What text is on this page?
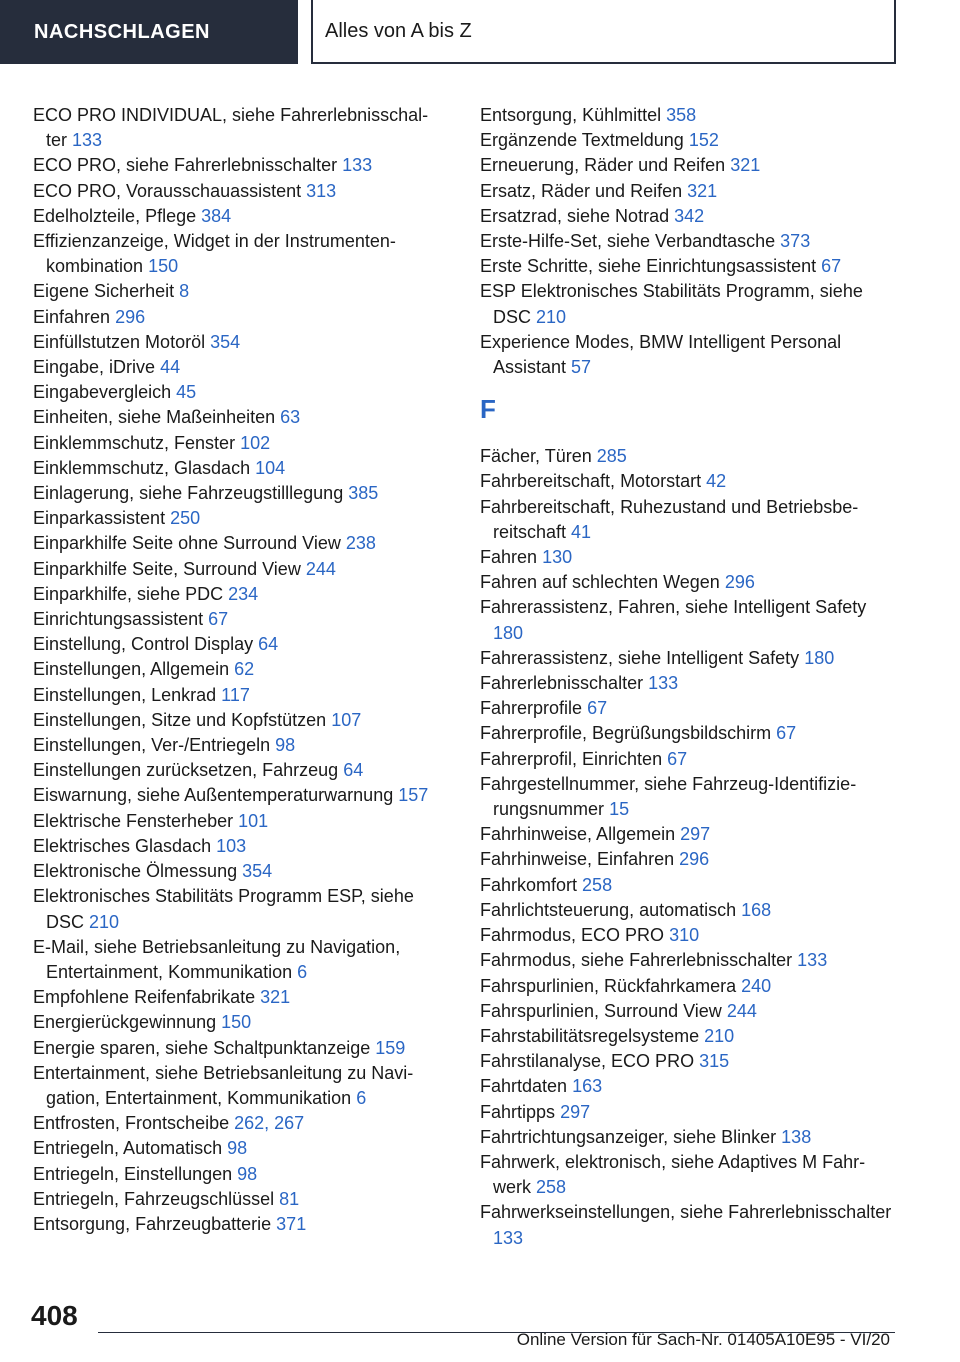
NACHSCHLAGEN	Alles von A bis Z

ECO PRO INDIVIDUAL, siehe Fahrerlebnisschalter 133

ECO PRO, siehe Fahrerlebnisschalter 133

ECO PRO, Vorausschauassistent 313

Edelholzteile, Pflege 384

Effizienzanzeige, Widget in der Instrumentenkombination 150

Eigene Sicherheit 8

Einfahren 296

Einfüllstutzen Motoröl 354

Eingabe, iDrive 44

Eingabevergleich 45

Einheiten, siehe Maßeinheiten 63

Einklemmschutz, Fenster 102

Einklemmschutz, Glasdach 104

Einlagerung, siehe Fahrzeugstilllegung 385

Einparkassistent 250

Einparkhilfe Seite ohne Surround View 238

Einparkhilfe Seite, Surround View 244

Einparkhilfe, siehe PDC 234

Einrichtungsassistent 67

Einstellung, Control Display 64

Einstellungen, Allgemein 62

Einstellungen, Lenkrad 117

Einstellungen, Sitze und Kopfstützen 107

Einstellungen, Ver-/Entriegeln 98

Einstellungen zurücksetzen, Fahrzeug 64

Eiswarnung, siehe Außentemperaturwarnung 157

Elektrische Fensterheber 101

Elektrisches Glasdach 103

Elektronische Ölmessung 354

Elektronisches Stabilitäts Programm ESP, siehe DSC 210

E-Mail, siehe Betriebsanleitung zu Navigation, Entertainment, Kommunikation 6

Empfohlene Reifenfabrikate 321

Energierückgewinnung 150

Energie sparen, siehe Schaltpunktanzeige 159

Entertainment, siehe Betriebsanleitung zu Navigation, Entertainment, Kommunikation 6

Entfrosten, Frontscheibe 262, 267

Entriegeln, Automatisch 98

Entriegeln, Einstellungen 98

Entriegeln, Fahrzeugschlüssel 81

Entsorgung, Fahrzeugbatterie 371

Entsorgung, Kühlmittel 358

Ergänzende Textmeldung 152

Erneuerung, Räder und Reifen 321

Ersatz, Räder und Reifen 321

Ersatzrad, siehe Notrad 342

Erste-Hilfe-Set, siehe Verbandtasche 373

Erste Schritte, siehe Einrichtungsassistent 67

ESP Elektronisches Stabilitäts Programm, siehe DSC 210

Experience Modes, BMW Intelligent Personal Assistant 57

F

Fächer, Türen 285

Fahrbereitschaft, Motorstart 42

Fahrbereitschaft, Ruhezustand und Betriebsbereitschaft 41

Fahren 130

Fahren auf schlechten Wegen 296

Fahrerassistenz, Fahren, siehe Intelligent Safety 180

Fahrerassistenz, siehe Intelligent Safety 180

Fahrerlebnisschalter 133

Fahrerprofile 67

Fahrerprofile, Begrüßungsbildschirm 67

Fahrerprofil, Einrichten 67

Fahrgestellnummer, siehe Fahrzeug-Identifizierungsnummer 15

Fahrhinweise, Allgemein 297

Fahrhinweise, Einfahren 296

Fahrkomfort 258

Fahrlichtsteuerung, automatisch 168

Fahrmodus, ECO PRO 310

Fahrmodus, siehe Fahrerlebnisschalter 133

Fahrspurlinien, Rückfahrkamera 240

Fahrspurlinien, Surround View 244

Fahrstabilitätsregelsysteme 210

Fahrstilanalyse, ECO PRO 315

Fahrtdaten 163

Fahrtipps 297

Fahrtrichtungsanzeiger, siehe Blinker 138

Fahrwerk, elektronisch, siehe Adaptives M Fahrwerk 258

Fahrwerkseinstellungen, siehe Fahrerlebnisschalter 133

408
Online Version für Sach-Nr. 01405A10E95 - VI/20
